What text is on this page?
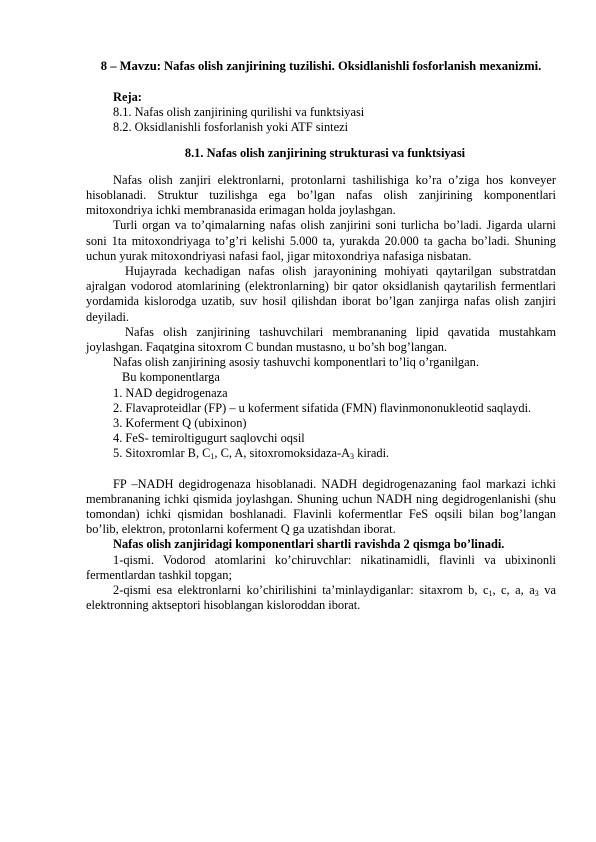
8 – Mavzu: Nafas olish zanjirining tuzilishi. Oksidlanishli fosforlanish mexanizmi.
Reja:
8.1. Nafas olish zanjirining qurilishi va funktsiyasi
8.2. Oksidlanishli fosforlanish yoki ATF sintezi
8.1. Nafas olish zanjirining strukturasi va funktsiyasi

Nafas olish zanjiri elektronlarni, protonlarni tashilishiga ko’ra o’ziga hos konveyer hisoblanadi. Struktur tuzilishga ega bo’lgan nafas olish zanjirining komponentlari mitoxondriya ichki membranasida erimagan holda joylashgan.

Turli organ va to’qimalarning nafas olish zanjirini soni turlicha bo’ladi. Jigarda ularni soni 1ta mitoxondriyaga to’g’ri kelishi 5.000 ta, yurakda 20.000 ta gacha bo’ladi. Shuning uchun yurak mitoxondriyasi nafasi faol, jigar mitoxondriya nafasiga nisbatan.

Hujayrada kechadigan nafas olish jarayonining mohiyati qaytarilgan substratdan ajralgan vodorod atomlarining (elektronlarning) bir qator oksidlanish qaytarilish fermentlari yordamida kislorodga uzatib, suv hosil qilishdan iborat bo’lgan zanjirga nafas olish zanjiri deyiladi.

Nafas olish zanjirining tashuvchilari membrananing lipid qavatida mustahkam joylashgan. Faqatgina sitoxrom C bundan mustasno, u bo’sh bog’langan.

Nafas olish zanjirining asosiy tashuvchi komponentlari to’liq o’rganilgan.

Bu komponentlarga

1. NAD degidrogenaza

2. Flavaproteidlar (FP) – u koferment sifatida (FMN) flavinmononukleotid saqlaydi.

3. Koferment Q (ubixinon)

4. FeS- temiroltigugurt saqlovchi oqsil

5. Sitoxromlar B, $C_1$, C, A, sitoxromoksidaza-$A_3$ kiradi.

FP –NADH degidrogenaza hisoblanadi. NADH degidrogenazaning faol markazi ichki membrananing ichki qismida joylashgan. Shuning uchun NADH ning degidrogenlanishi (shu tomondan) ichki qismidan boshlanadi. Flavinli kofermentlar FeS oqsili bilan bog’langan bo’lib, elektron, protonlarni koferment Q ga uzatishdan iborat.

Nafas olish zanjiridagi komponentlari shartli ravishda 2 qismga bo’linadi.

1-qismi. Vodorod atomlarini ko’chiruvchlar: nikatinamidli, flavinli va ubixinonli fermentlardan tashkil topgan;

2-qismi esa elektronlarni ko’chirilishini ta’minlaydiganlar: sitaxrom b, $c_1$, c, a, $a_3$ va elektronning aktseptori hisoblangan kisloroddan iborat.
